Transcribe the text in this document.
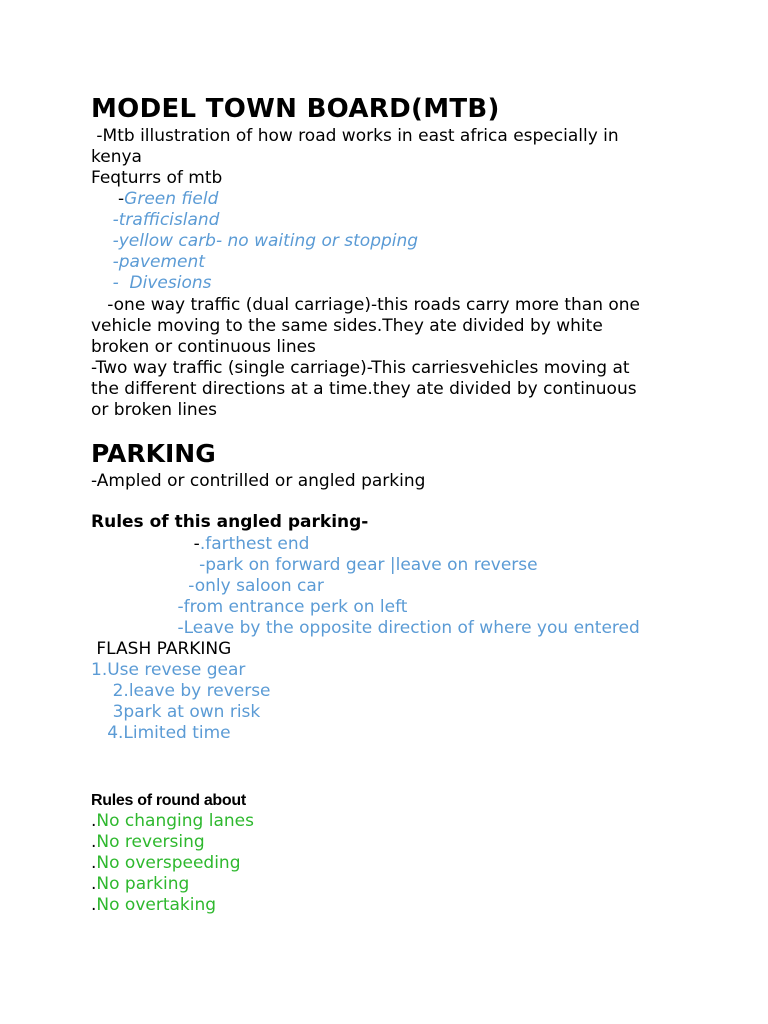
MODEL TOWN BOARD(MTB)
-Mtb illustration of how road works in east africa especially in
kenya
Feqturrs of mtb
-Green field
-trafficisland
-yellow carb- no waiting or stopping
-pavement
-  Divesions
-one way traffic (dual carriage)-this roads carry more than one
vehicle moving to the same sides.They ate divided by white
broken or continuous lines
-Two way traffic (single carriage)-This carriesvehicles moving at
the different directions at a time.they ate divided by continuous
or broken lines
PARKING
-Ampled or contrilled or angled parking
Rules of this angled parking-
-.farthest end
-park on forward gear |leave on reverse
-only saloon car
-from entrance perk on left
-Leave by the opposite direction of where you entered
FLASH PARKING
1.Use revese gear
2.leave by reverse
3park at own risk
4.Limited time
Rules of round about
.No changing lanes
.No reversing
.No overspeeding
.No parking
.No overtaking
